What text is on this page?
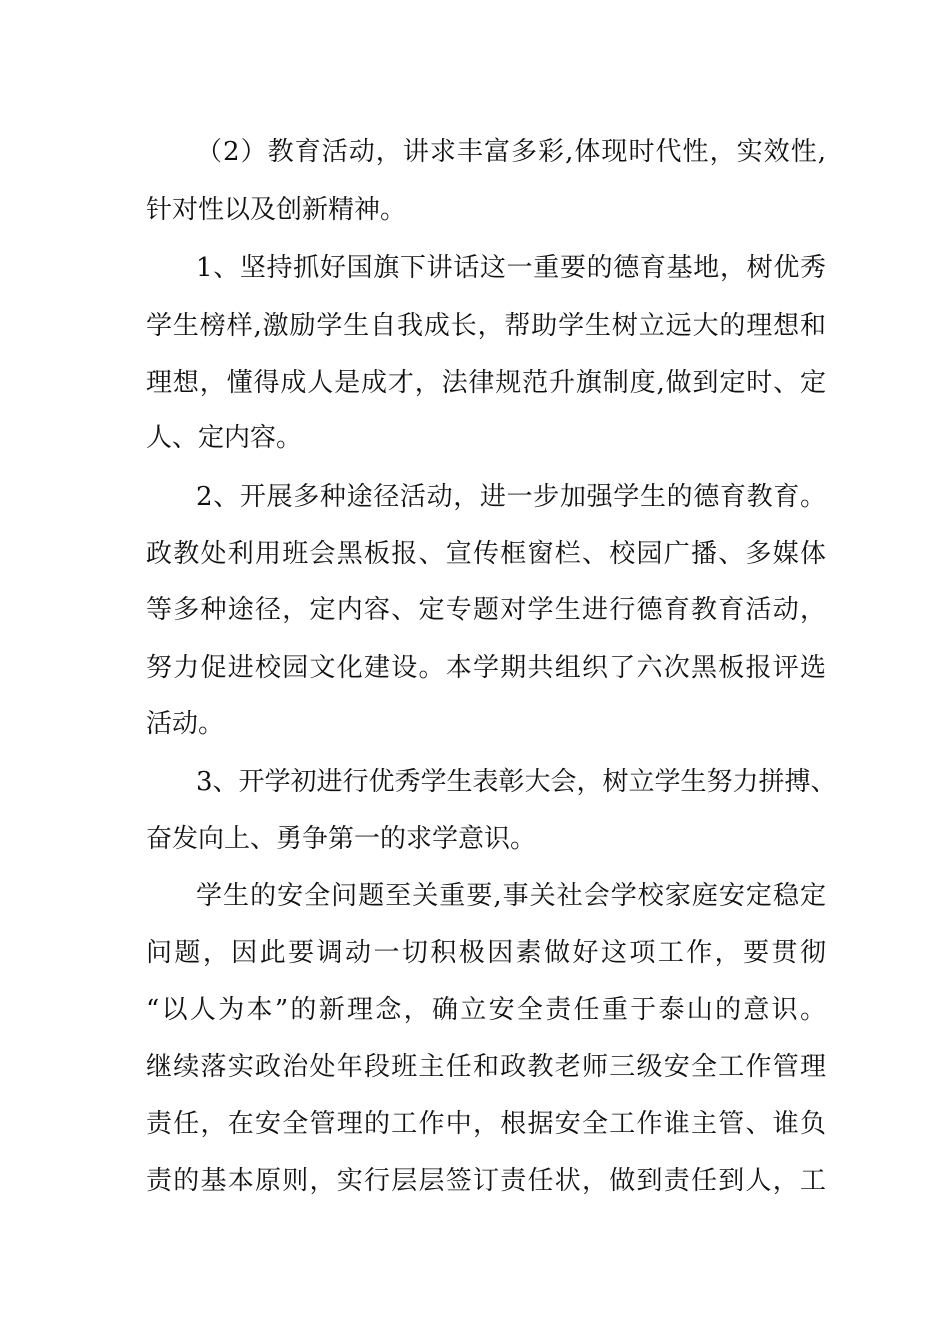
（2）教育活动，讲求丰富多彩,体现时代性，实效性,
针对性以及创新精神。
1、坚持抓好国旗下讲话这一重要的德育基地，树优秀
学生榜样,激励学生自我成长，帮助学生树立远大的理想和
理想，懂得成人是成才，法律规范升旗制度,做到定时、定
人、定内容。
2、开展多种途径活动，进一步加强学生的德育教育。
政教处利用班会黑板报、宣传框窗栏、校园广播、多媒体
等多种途径，定内容、定专题对学生进行德育教育活动，
努力促进校园文化建设。本学期共组织了六次黑板报评选
活动。
3、开学初进行优秀学生表彰大会，树立学生努力拼搏、
奋发向上、勇争第一的求学意识。
学生的安全问题至关重要,事关社会学校家庭安定稳定
问题，因此要调动一切积极因素做好这项工作，要贯彻
“以人为本”的新理念，确立安全责任重于泰山的意识。
继续落实政治处年段班主任和政教老师三级安全工作管理
责任，在安全管理的工作中，根据安全工作谁主管、谁负
责的基本原则，实行层层签订责任状，做到责任到人，工
